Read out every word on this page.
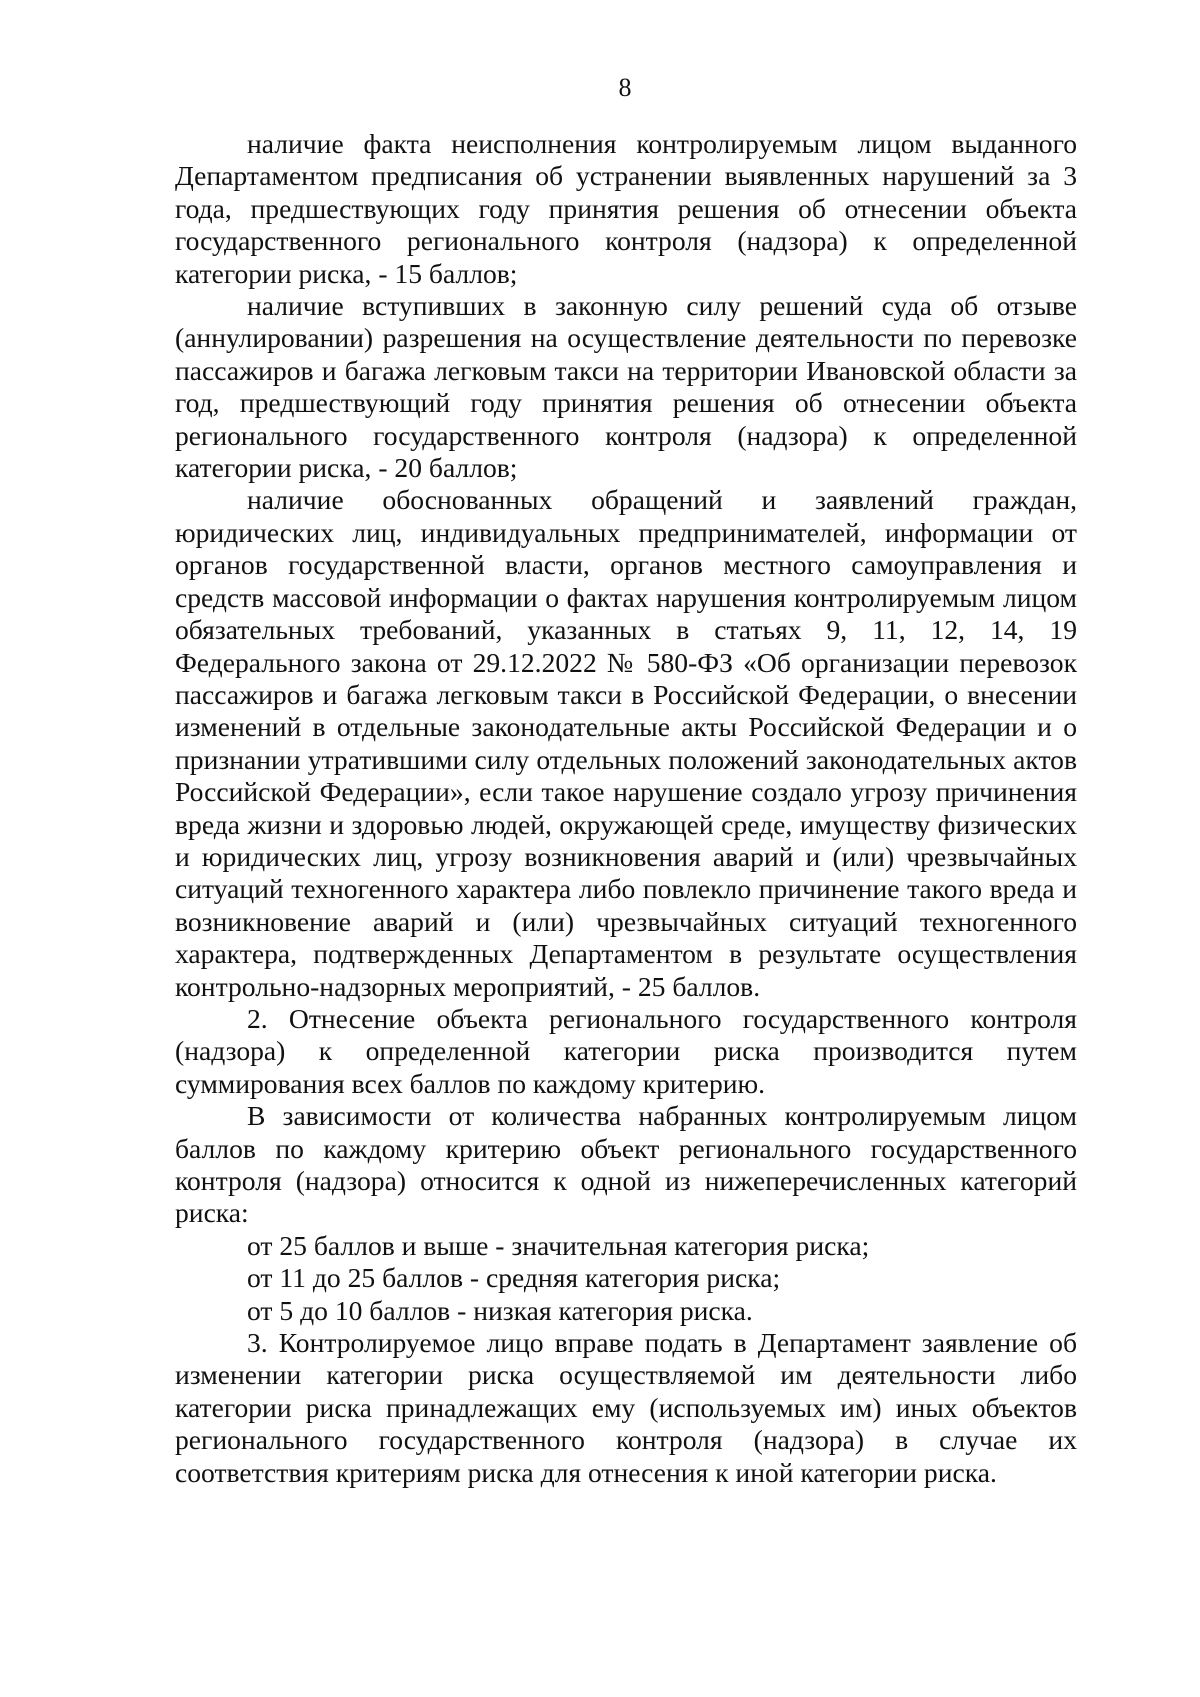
8

наличие факта неисполнения контролируемым лицом выданного Департаментом предписания об устранении выявленных нарушений за 3 года, предшествующих году принятия решения об отнесении объекта государственного регионального контроля (надзора) к определенной категории риска, - 15 баллов;

наличие вступивших в законную силу решений суда об отзыве (аннулировании) разрешения на осуществление деятельности по перевозке пассажиров и багажа легковым такси на территории Ивановской области за год, предшествующий году принятия решения об отнесении объекта регионального государственного контроля (надзора) к определенной категории риска, - 20 баллов;

наличие обоснованных обращений и заявлений граждан, юридических лиц, индивидуальных предпринимателей, информации от органов государственной власти, органов местного самоуправления и средств массовой информации о фактах нарушения контролируемым лицом обязательных требований, указанных в статьях 9, 11, 12, 14, 19 Федерального закона от 29.12.2022 № 580-ФЗ «Об организации перевозок пассажиров и багажа легковым такси в Российской Федерации, о внесении изменений в отдельные законодательные акты Российской Федерации и о признании утратившими силу отдельных положений законодательных актов Российской Федерации», если такое нарушение создало угрозу причинения вреда жизни и здоровью людей, окружающей среде, имуществу физических и юридических лиц, угрозу возникновения аварий и (или) чрезвычайных ситуаций техногенного характера либо повлекло причинение такого вреда и возникновение аварий и (или) чрезвычайных ситуаций техногенного характера, подтвержденных Департаментом в результате осуществления контрольно-надзорных мероприятий, - 25 баллов.

2. Отнесение объекта регионального государственного контроля (надзора) к определенной категории риска производится путем суммирования всех баллов по каждому критерию.

В зависимости от количества набранных контролируемым лицом баллов по каждому критерию объект регионального государственного контроля (надзора) относится к одной из нижеперечисленных категорий риска:

от 25 баллов и выше - значительная категория риска;

от 11 до 25 баллов - средняя категория риска;

от 5 до 10 баллов - низкая категория риска.

3. Контролируемое лицо вправе подать в Департамент заявление об изменении категории риска осуществляемой им деятельности либо категории риска принадлежащих ему (используемых им) иных объектов регионального государственного контроля (надзора) в случае их соответствия критериям риска для отнесения к иной категории риска.
